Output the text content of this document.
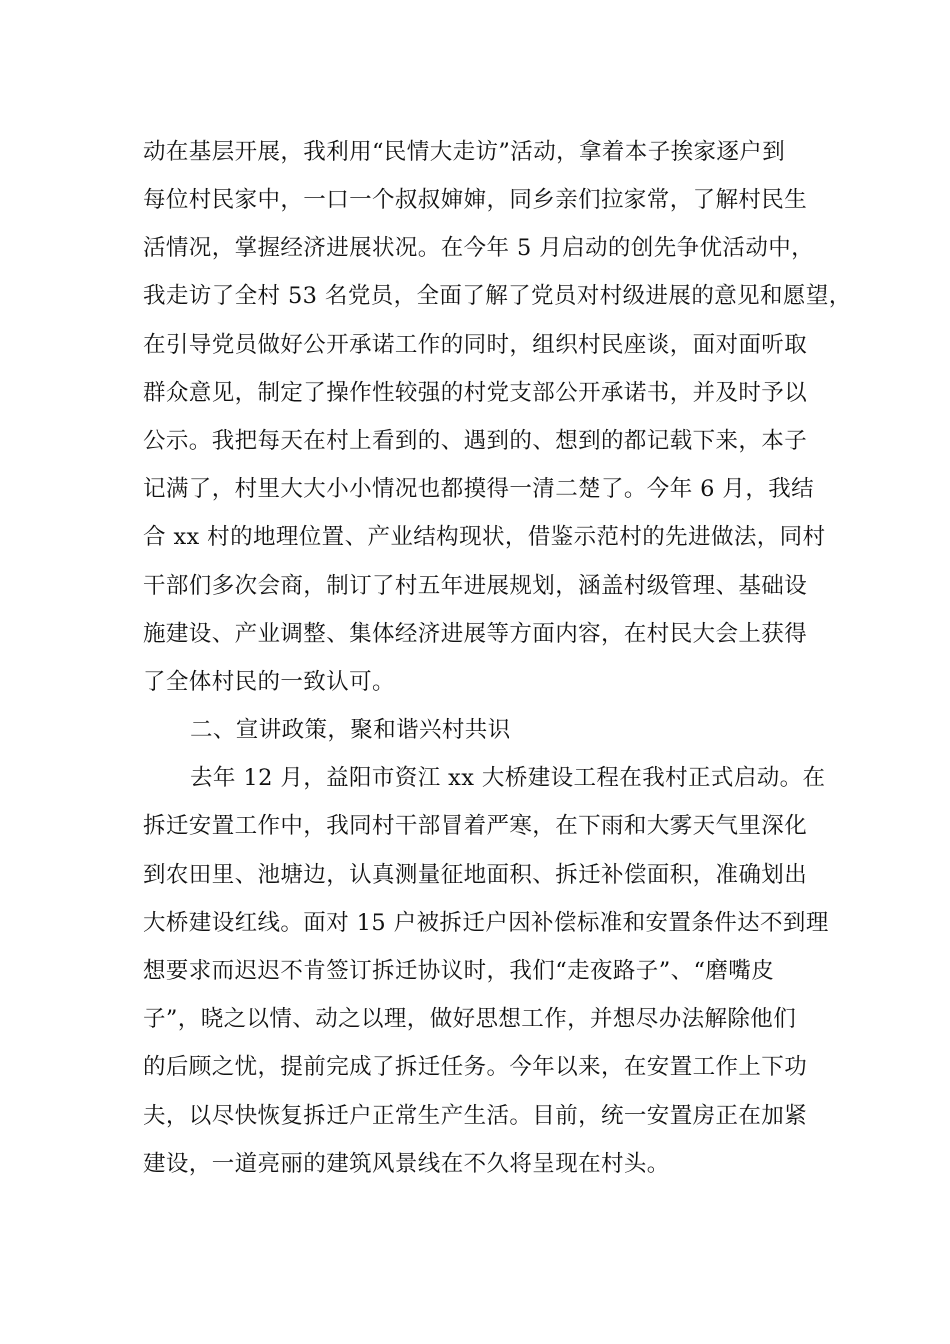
动在基层开展，我利用“民情大走访”活动，拿着本子挨家逐户到
每位村民家中，一口一个叔叔婶婶，同乡亲们拉家常，了解村民生
活情况，掌握经济进展状况。在今年 5 月启动的创先争优活动中，
我走访了全村 53 名党员，全面了解了党员对村级进展的意见和愿望，
在引导党员做好公开承诺工作的同时，组织村民座谈，面对面听取
群众意见，制定了操作性较强的村党支部公开承诺书，并及时予以
公示。我把每天在村上看到的、遇到的、想到的都记载下来，本子
记满了，村里大大小小情况也都摸得一清二楚了。今年 6 月，我结
合 xx 村的地理位置、产业结构现状，借鉴示范村的先进做法，同村
干部们多次会商，制订了村五年进展规划，涵盖村级管理、基础设
施建设、产业调整、集体经济进展等方面内容，在村民大会上获得
了全体村民的一致认可。
二、宣讲政策，聚和谐兴村共识
去年 12 月，益阳市资江 xx 大桥建设工程在我村正式启动。在
拆迁安置工作中，我同村干部冒着严寒，在下雨和大雾天气里深化
到农田里、池塘边，认真测量征地面积、拆迁补偿面积，准确划出
大桥建设红线。面对 15 户被拆迁户因补偿标准和安置条件达不到理
想要求而迟迟不肯签订拆迁协议时，我们“走夜路子”、“磨嘴皮
子”，晓之以情、动之以理，做好思想工作，并想尽办法解除他们
的后顾之忧，提前完成了拆迁任务。今年以来，在安置工作上下功
夫，以尽快恢复拆迁户正常生产生活。目前，统一安置房正在加紧
建设，一道亮丽的建筑风景线在不久将呈现在村头。
